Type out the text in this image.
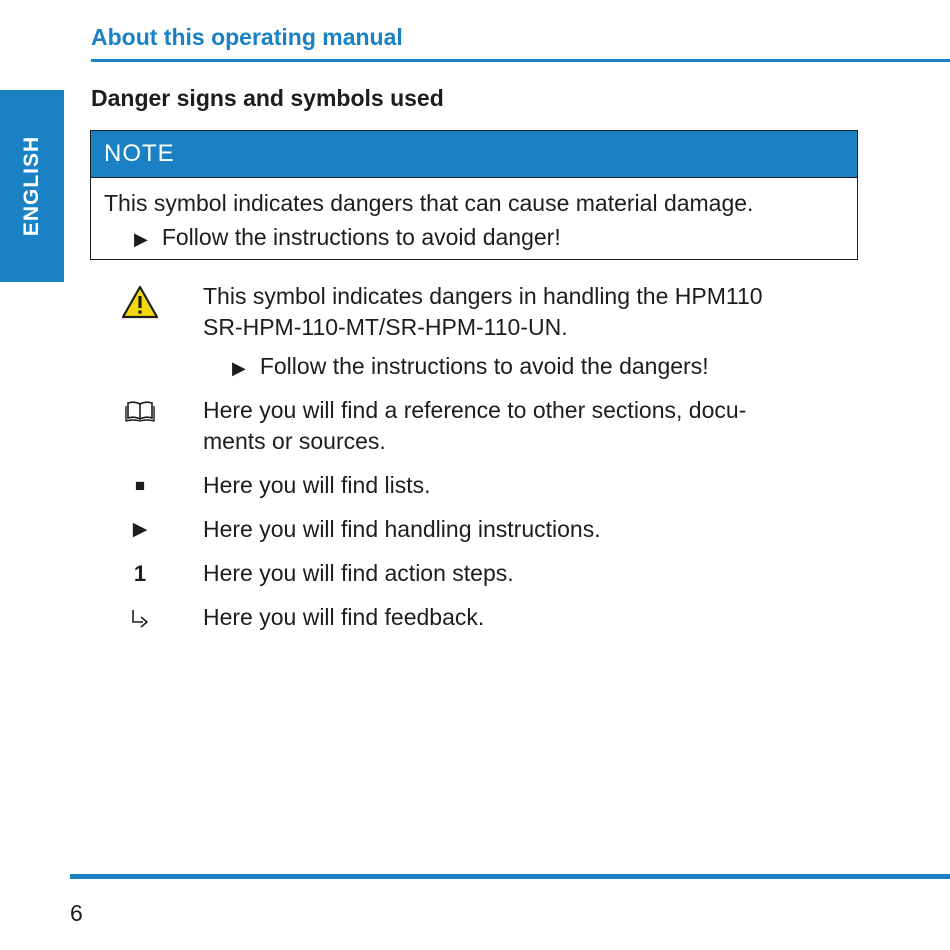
About this operating manual
ENGLISH
Danger signs and symbols used
NOTE
This symbol indicates dangers that can cause material damage.
▶ Follow the instructions to avoid danger!
This symbol indicates dangers in handling the HPM110
SR-HPM-110-MT/SR-HPM-110-UN.
▶ Follow the instructions to avoid the dangers!
Here you will find a reference to other sections, docu-
ments or sources.
■	Here you will find lists.
▶ Here you will find handling instructions.
1 Here you will find action steps.
Here you will find feedback.
6
